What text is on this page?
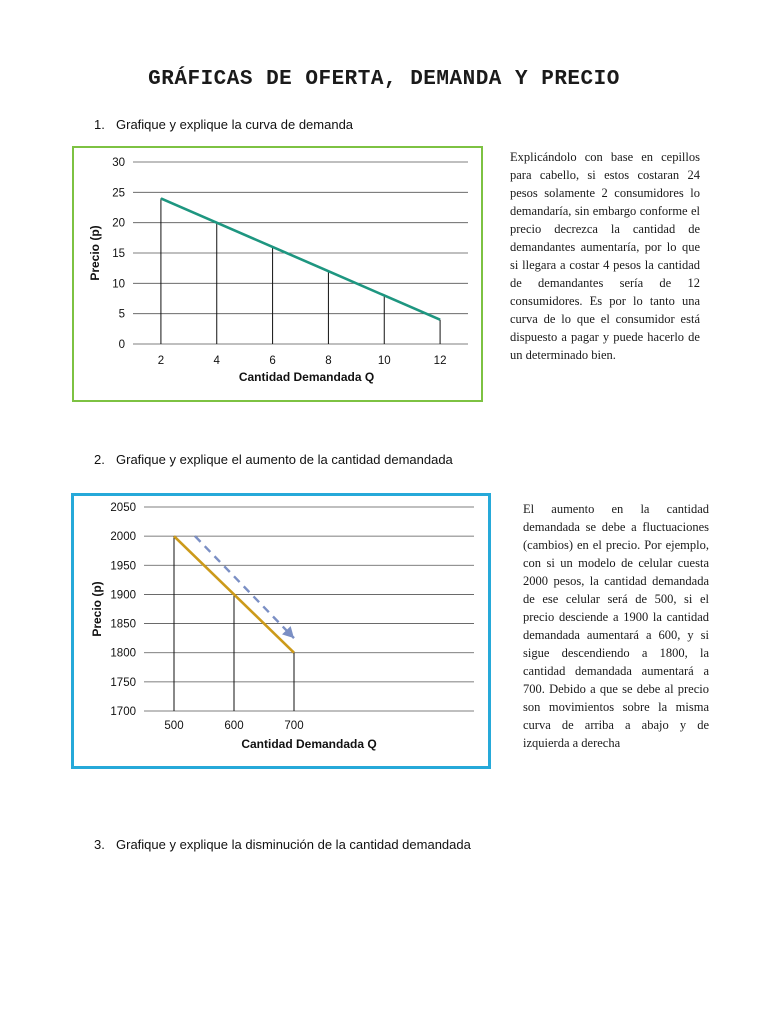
GRÁFICAS DE OFERTA, DEMANDA Y PRECIO
1. Grafique y explique la curva de demanda
0
5
10
15
20
25
30
2	4	6	8	10	12
Cantidad Demandada Q
Precio (p)

Explicándolo con base en cepillos para cabello, si estos costaran 24 pesos solamente 2 consumidores lo demandaría, sin embargo conforme el precio decrezca la cantidad de demandantes aumentaría, por lo que si llegara a costar 4 pesos la cantidad de demandantes sería de 12 consumidores. Es por lo tanto una curva de lo que el consumidor está dispuesto a pagar y puede hacerlo de un determinado bien.

2. Grafique y explique el aumento de la cantidad demandada
1700
1750
1800
1850
1900
1950
2000
2050
500	600	700
Cantidad Demandada Q
Precio (p)

El aumento en la cantidad demandada se debe a fluctuaciones (cambios) en el precio. Por ejemplo, con si un modelo de celular cuesta 2000 pesos, la cantidad demandada de ese celular será de 500, si el precio desciende a 1900 la cantidad demandada aumentará a 600, y si sigue descendiendo a 1800, la cantidad demandada aumentará a 700. Debido a que se debe al precio son movimientos sobre la misma curva de arriba a abajo y de izquierda a derecha

3. Grafique y explique la disminución de la cantidad demandada
